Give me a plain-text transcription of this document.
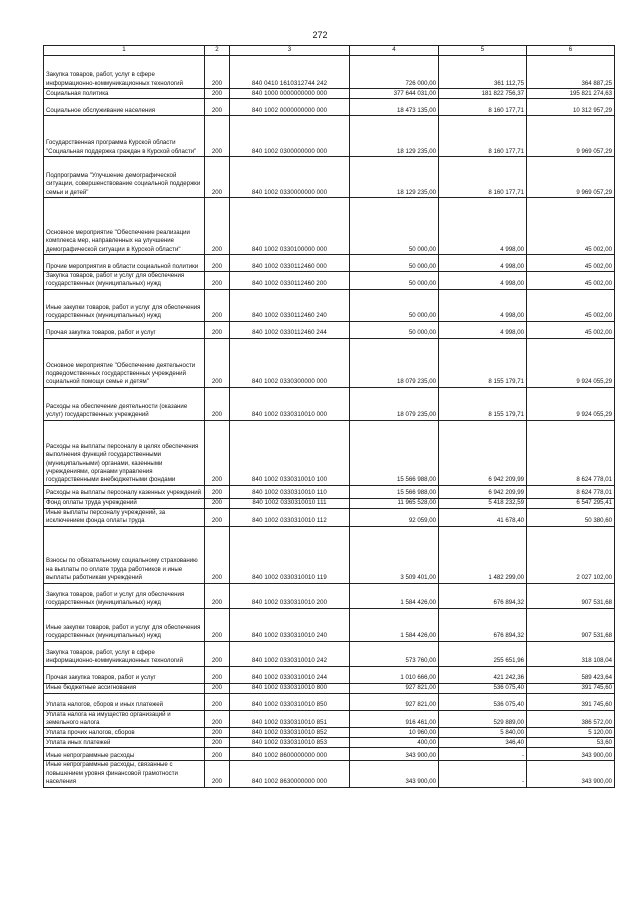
272
1	2	3	4	5	6
Закупка товаров, работ, услуг в сфере информационно-коммуникационных технологий	200	840 0410 1610312744 242	726 000,00	361 112,75	364 887,25
Социальная политика	200	840 1000 0000000000 000	377 644 031,00	181 822 756,37	195 821 274,63
Социальное обслуживание населения	200	840 1002 0000000000 000	18 473 135,00	8 160 177,71	10 312 957,29
Государственная программа Курской области "Социальная поддержка граждан в Курской области"	200	840 1002 0300000000 000	18 129 235,00	8 160 177,71	9 969 057,29
Подпрограмма "Улучшение демографической ситуации, совершенствование социальной поддержки семьи и детей"	200	840 1002 0330000000 000	18 129 235,00	8 160 177,71	9 969 057,29
Основное мероприятие "Обеспечение реализации комплекса мер, направленных на улучшение демографической ситуации в Курской области"	200	840 1002 0330100000 000	50 000,00	4 998,00	45 002,00
Прочие мероприятия в области социальной политики	200	840 1002 0330112460 000	50 000,00	4 998,00	45 002,00
Закупка товаров, работ и услуг для обеспечения государственных (муниципальных) нужд	200	840 1002 0330112460 200	50 000,00	4 998,00	45 002,00
Иные закупки товаров, работ и услуг для обеспечения государственных (муниципальных) нужд	200	840 1002 0330112460 240	50 000,00	4 998,00	45 002,00
Прочая закупка товаров, работ и услуг	200	840 1002 0330112460 244	50 000,00	4 998,00	45 002,00
Основное мероприятие "Обеспечение деятельности подведомственных государственных учреждений социальной помощи семье и детям"	200	840 1002 0330300000 000	18 079 235,00	8 155 179,71	9 924 055,29
Расходы на обеспечение деятельности (оказание услуг) государственных учреждений	200	840 1002 0330310010 000	18 079 235,00	8 155 179,71	9 924 055,29
Расходы на выплаты персоналу в целях обеспечения выполнения функций государственными (муниципальными) органами, казенными учреждениями, органами управления государственными внебюджетными фондами	200	840 1002 0330310010 100	15 566 988,00	6 942 209,99	8 624 778,01
Расходы на выплаты персоналу казенных учреждений	200	840 1002 0330310010 110	15 566 988,00	6 942 209,99	8 624 778,01
Фонд оплаты труда учреждений	200	840 1002 0330310010 111	11 965 528,00	5 418 232,59	6 547 295,41
Иные выплаты персоналу учреждений, за исключением фонда оплаты труда	200	840 1002 0330310010 112	92 059,00	41 678,40	50 380,60
Взносы по обязательному социальному страхованию на выплаты по оплате труда работников и иные выплаты работникам учреждений	200	840 1002 0330310010 119	3 509 401,00	1 482 299,00	2 027 102,00
Закупка товаров, работ и услуг для обеспечения государственных (муниципальных) нужд	200	840 1002 0330310010 200	1 584 426,00	676 894,32	907 531,68
Иные закупки товаров, работ и услуг для обеспечения государственных (муниципальных) нужд	200	840 1002 0330310010 240	1 584 426,00	676 894,32	907 531,68
Закупка товаров, работ, услуг в сфере информационно-коммуникационных технологий	200	840 1002 0330310010 242	573 760,00	255 651,96	318 108,04
Прочая закупка товаров, работ и услуг	200	840 1002 0330310010 244	1 010 666,00	421 242,36	589 423,64
Иные бюджетные ассигнования	200	840 1002 0330310010 800	927 821,00	536 075,40	391 745,60
Уплата налогов, сборов и иных платежей	200	840 1002 0330310010 850	927 821,00	536 075,40	391 745,60
Уплата налога на имущество организаций и земельного налога	200	840 1002 0330310010 851	916 461,00	529 889,00	386 572,00
Уплата прочих налогов, сборов	200	840 1002 0330310010 852	10 960,00	5 840,00	5 120,00
Уплата иных платежей	200	840 1002 0330310010 853	400,00	346,40	53,60
Иные непрограммные расходы	200	840 1002 8600000000 000	343 900,00	-	343 900,00
Иные непрограммные расходы, связанные с повышением уровня финансовой грамотности населения	200	840 1002 8630000000 000	343 900,00	-	343 900,00
